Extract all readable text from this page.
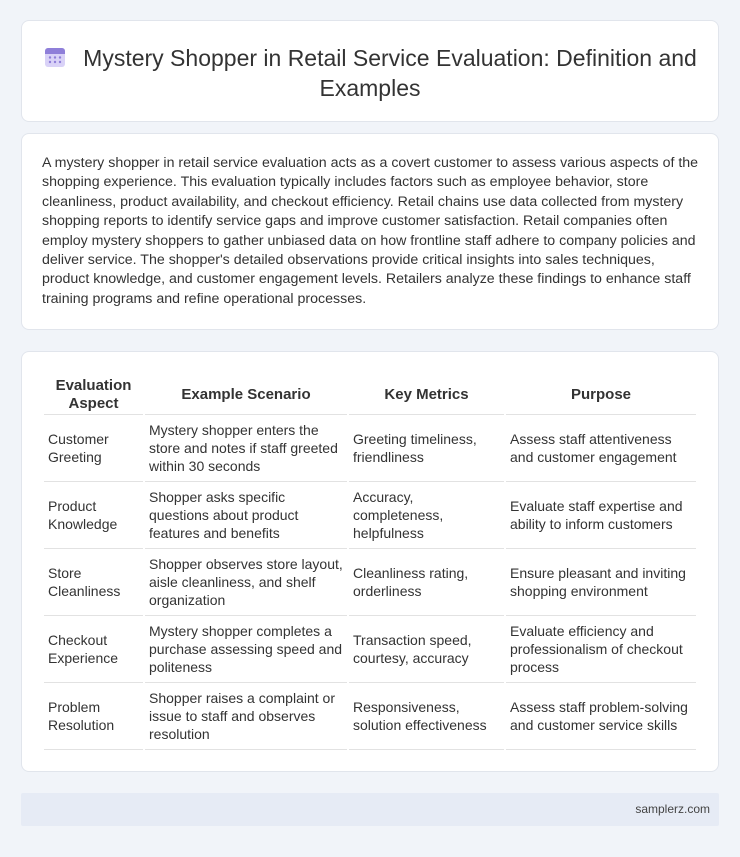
Mystery Shopper in Retail Service Evaluation: Definition and Examples

A mystery shopper in retail service evaluation acts as a covert customer to assess various aspects of the shopping experience. This evaluation typically includes factors such as employee behavior, store cleanliness, product availability, and checkout efficiency. Retail chains use data collected from mystery shopping reports to identify service gaps and improve customer satisfaction. Retail companies often employ mystery shoppers to gather unbiased data on how frontline staff adhere to company policies and deliver service. The shopper's detailed observations provide critical insights into sales techniques, product knowledge, and customer engagement levels. Retailers analyze these findings to enhance staff training programs and refine operational processes.

Evaluation Aspect	Example Scenario	Key Metrics	Purpose
Customer Greeting	Mystery shopper enters the store and notes if staff greeted within 30 seconds	Greeting timeliness, friendliness	Assess staff attentiveness and customer engagement
Product Knowledge	Shopper asks specific questions about product features and benefits	Accuracy, completeness, helpfulness	Evaluate staff expertise and ability to inform customers
Store Cleanliness	Shopper observes store layout, aisle cleanliness, and shelf organization	Cleanliness rating, orderliness	Ensure pleasant and inviting shopping environment
Checkout Experience	Mystery shopper completes a purchase assessing speed and politeness	Transaction speed, courtesy, accuracy	Evaluate efficiency and professionalism of checkout process
Problem Resolution	Shopper raises a complaint or issue to staff and observes resolution	Responsiveness, solution effectiveness	Assess staff problem-solving and customer service skills
samplerz.com
